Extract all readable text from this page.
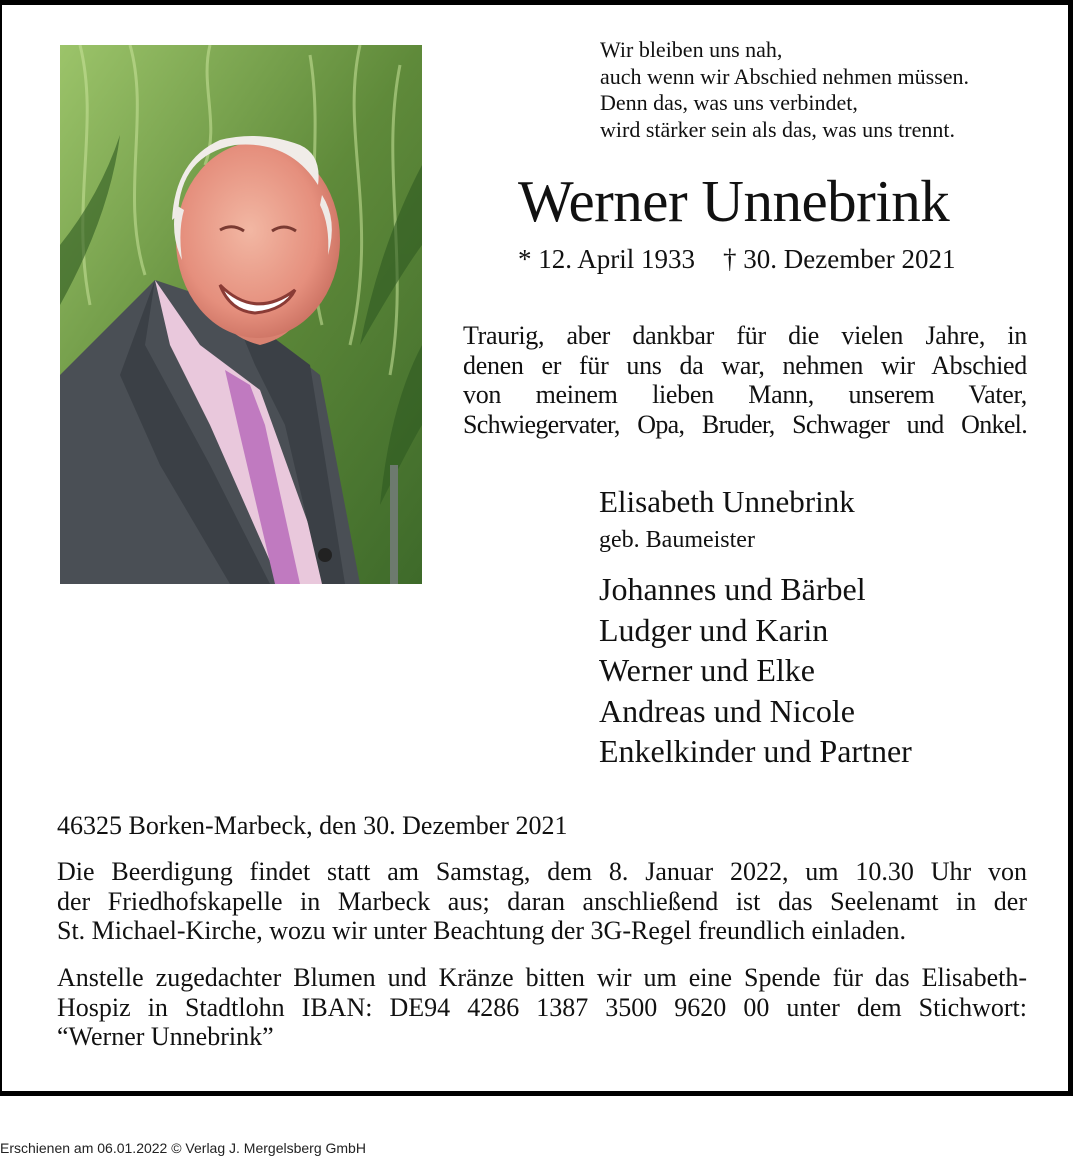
Wir bleiben uns nah,
auch wenn wir Abschied nehmen müssen.
Denn das, was uns verbindet,
wird stärker sein als das, was uns trennt.
Werner Unnebrink
* 12. April 1933 † 30. Dezember 2021
Traurig, aber dankbar für die vielen Jahre, in
denen er für uns da war, nehmen wir Abschied
von meinem lieben Mann, unserem Vater,
Schwiegervater, Opa, Bruder, Schwager und Onkel.
Elisabeth Unnebrink
geb. Baumeister
Johannes und Bärbel
Ludger und Karin
Werner und Elke
Andreas und Nicole
Enkelkinder und Partner
46325 Borken-Marbeck, den 30. Dezember 2021
Die Beerdigung findet statt am Samstag, dem 8. Januar 2022, um 10.30 Uhr von
der Friedhofskapelle in Marbeck aus; daran anschließend ist das Seelenamt in der
St. Michael-Kirche, wozu wir unter Beachtung der 3G-Regel freundlich einladen.
Anstelle zugedachter Blumen und Kränze bitten wir um eine Spende für das Elisabeth-
Hospiz in Stadtlohn IBAN: DE94 4286 1387 3500 9620 00 unter dem Stichwort:
“Werner Unnebrink”
Erschienen am 06.01.2022 © Verlag J. Mergelsberg GmbH
